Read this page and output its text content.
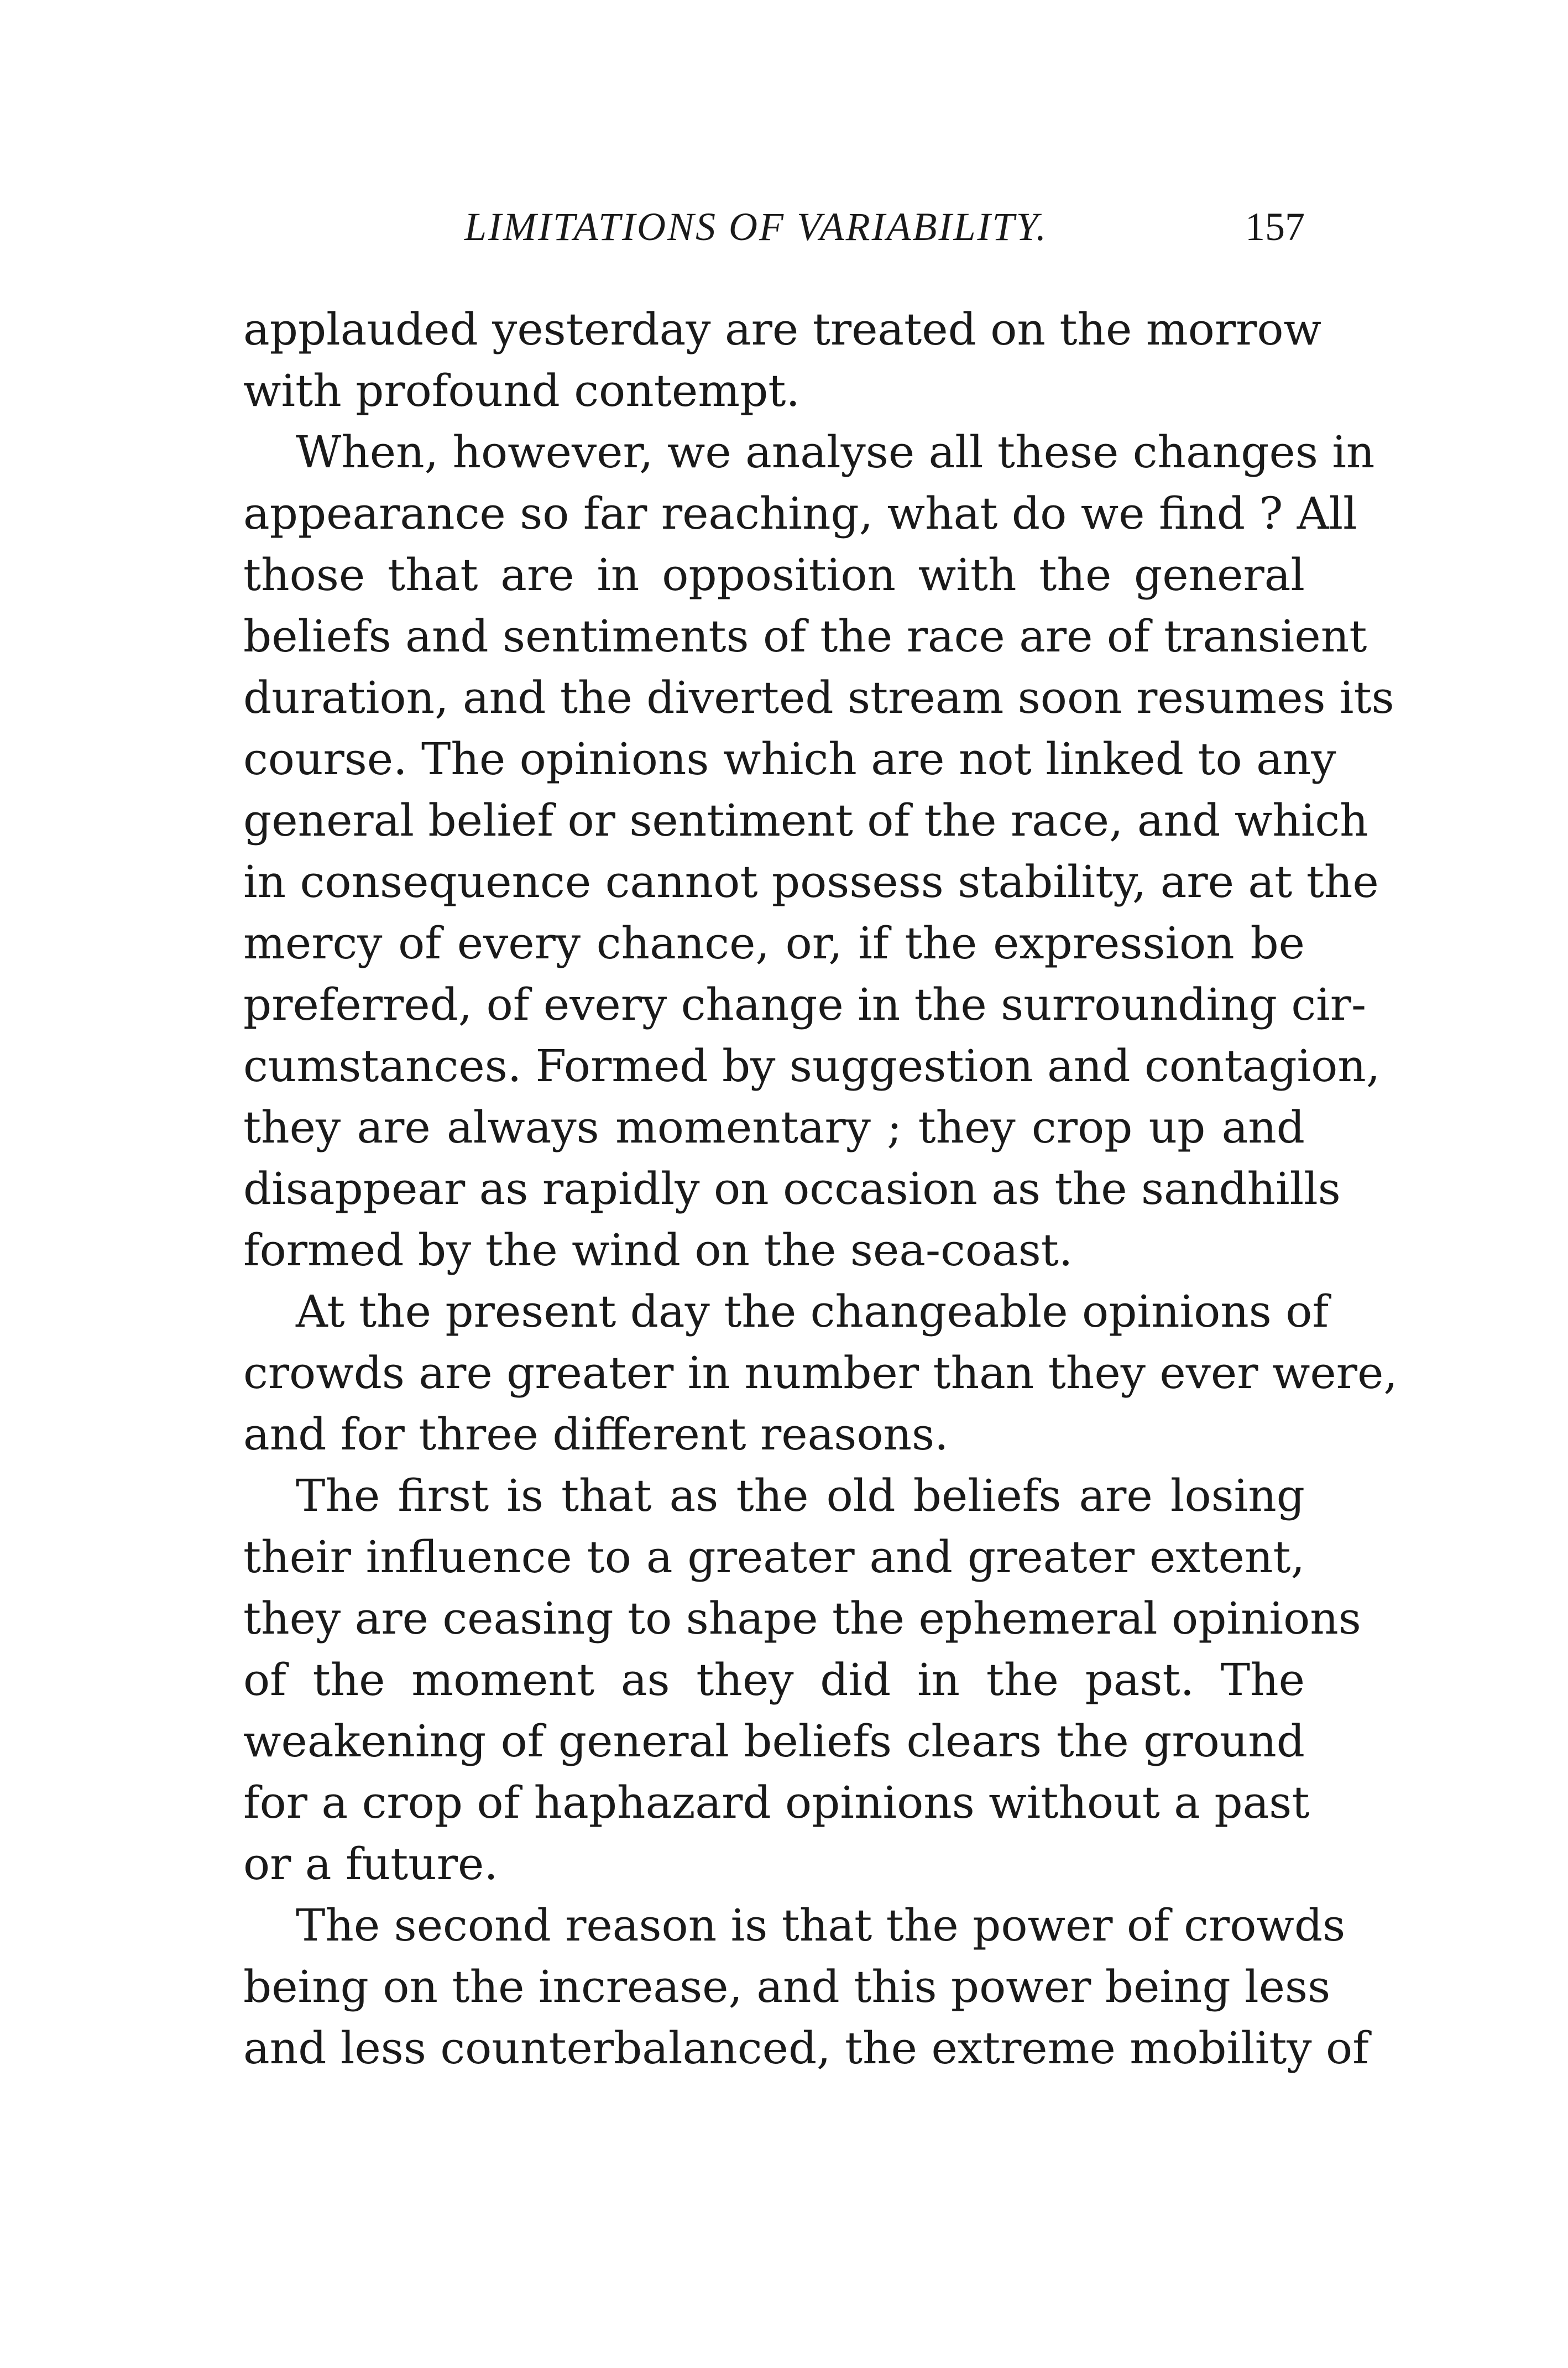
LIMITATIONS OF VARIABILITY.	157
applauded yesterday are treated on the morrow
with profound contempt.
When, however, we analyse all these changes in
appearance so far reaching, what do we find ? All
those that are in opposition with the general
beliefs and sentiments of the race are of transient
duration, and the diverted stream soon resumes its
course. The opinions which are not linked to any
general belief or sentiment of the race, and which
in consequence cannot possess stability, are at the
mercy of every chance, or, if the expression be
preferred, of every change in the surrounding cir-
cumstances. Formed by suggestion and contagion,
they are always momentary ; they crop up and
disappear as rapidly on occasion as the sandhills
formed by the wind on the sea-coast.
At the present day the changeable opinions of
crowds are greater in number than they ever were,
and for three different reasons.
The first is that as the old beliefs are losing
their influence to a greater and greater extent,
they are ceasing to shape the ephemeral opinions
of the moment as they did in the past. The
weakening of general beliefs clears the ground
for a crop of haphazard opinions without a past
or a future.
The second reason is that the power of crowds
being on the increase, and this power being less
and less counterbalanced, the extreme mobility of
